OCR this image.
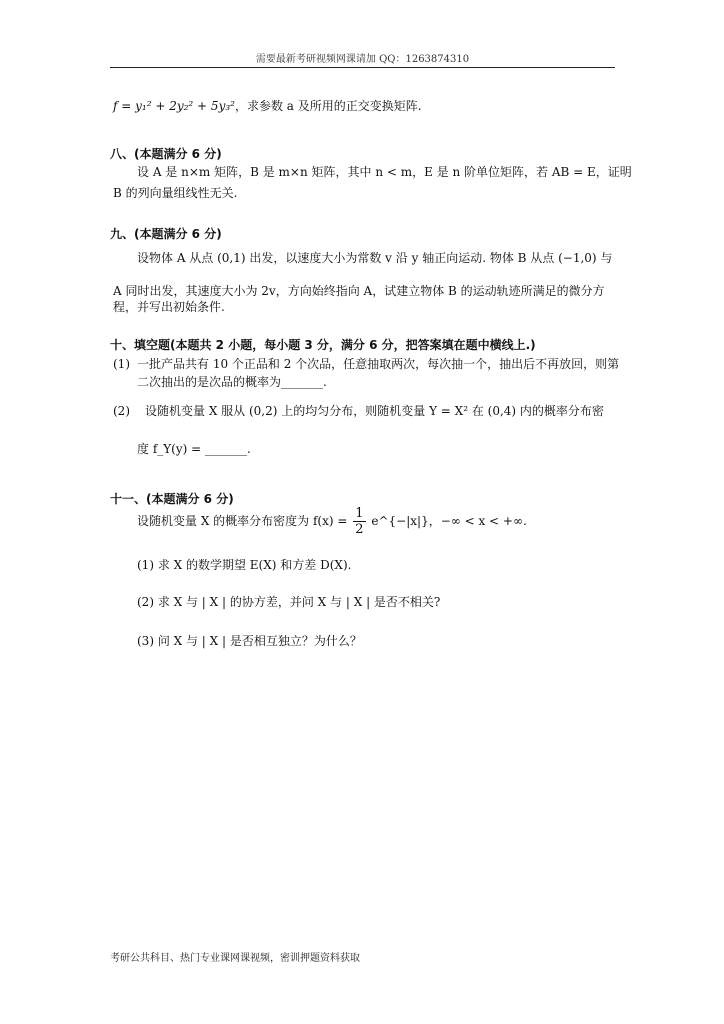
需要最新考研视频网课请加 QQ：1263874310
f = y₁² + 2y₂² + 5y₃²，求参数 a 及所用的正交变换矩阵.
八、(本题满分 6 分)
设 A 是 n×m 矩阵，B 是 m×n 矩阵，其中 n < m，E 是 n 阶单位矩阵，若 AB = E，证明
B 的列向量组线性无关.
九、(本题满分 6 分)
设物体 A 从点 (0,1) 出发，以速度大小为常数 v 沿 y 轴正向运动. 物体 B 从点 (−1,0) 与
A 同时出发，其速度大小为 2v，方向始终指向 A，试建立物体 B 的运动轨迹所满足的微分方
程，并写出初始条件.
十、填空题(本题共 2 小题，每小题 3 分，满分 6 分，把答案填在题中横线上.)
(1) 一批产品共有 10 个正品和 2 个次品，任意抽取两次，每次抽一个，抽出后不再放回，则第
二次抽出的是次品的概率为_______.
(2) 设随机变量 X 服从 (0,2) 上的均匀分布，则随机变量 Y = X² 在 (0,4) 内的概率分布密
度 f_Y(y) = _______.
十一、(本题满分 6 分)
设随机变量 X 的概率分布密度为 $f(x) = \frac{1}{2}$ e^{−|x|}，−∞ < x < +∞.
(1) 求 X 的数学期望 E(X) 和方差 D(X).
(2) 求 X 与 | X | 的协方差，并问 X 与 | X | 是否不相关?
(3) 问 X 与 | X | 是否相互独立？为什么？
考研公共科目、热门专业课网课视频，密训押题资料获取
